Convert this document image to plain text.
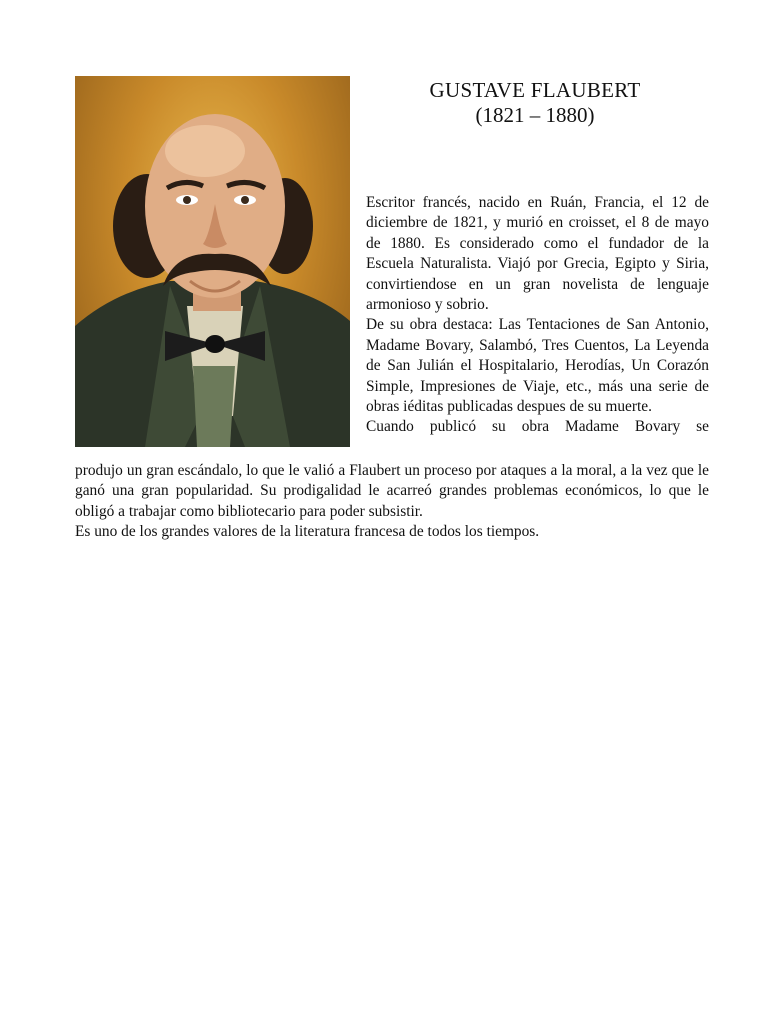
GUSTAVE FLAUBERT

(1821 – 1880)

Escritor francés, nacido en Ruán, Francia, el 12 de diciembre de 1821, y murió en croisset, el 8 de mayo de 1880. Es considerado como el fundador de la Escuela Naturalista. Viajó por Grecia, Egipto y Siria, convirtiendose en un gran novelista de lenguaje armonioso y sobrio.

De su obra destaca: Las Tentaciones de San Antonio, Madame Bovary, Salambó, Tres Cuentos, La Leyenda de San Julián el Hospitalario, Herodías, Un Corazón Simple, Impresiones de Viaje, etc., más una serie de obras iéditas publicadas despues de su muerte.

Cuando publicó su obra Madame Bovary se

produjo un gran escándalo, lo que le valió a Flaubert un proceso por ataques a la moral, a la vez que le ganó una gran popularidad. Su prodigalidad le acarreó grandes problemas económicos, lo que le obligó a trabajar como bibliotecario para poder subsistir.

Es uno de los grandes valores de la literatura francesa de todos los tiempos.
